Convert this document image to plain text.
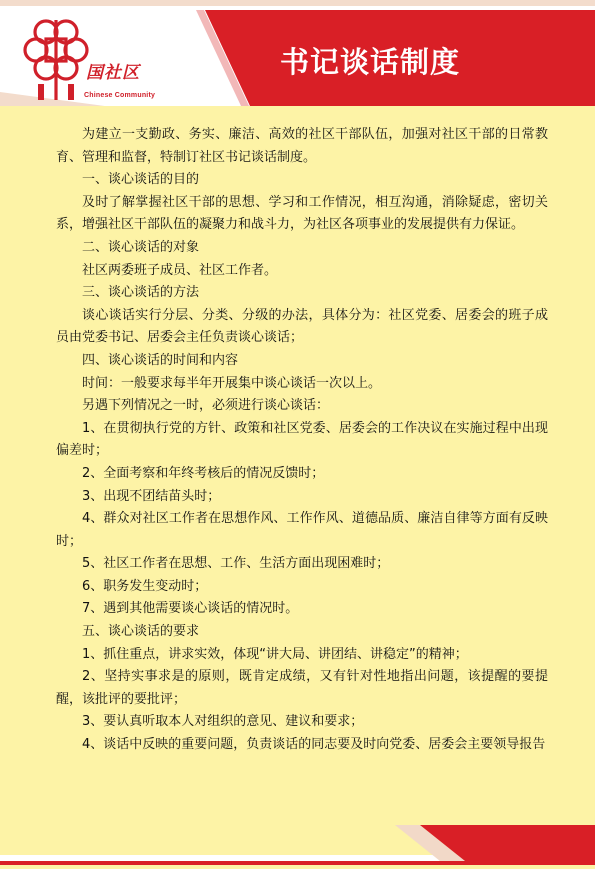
国社区
Chinese Community
书记谈话制度

为建立一支勤政、务实、廉洁、高效的社区干部队伍，加强对社区干部的日常教育、管理和监督，特制订社区书记谈话制度。

一、谈心谈话的目的

及时了解掌握社区干部的思想、学习和工作情况，相互沟通，消除疑虑，密切关系，增强社区干部队伍的凝聚力和战斗力，为社区各项事业的发展提供有力保证。

二、谈心谈话的对象

社区两委班子成员、社区工作者。

三、谈心谈话的方法

谈心谈话实行分层、分类、分级的办法，具体分为：社区党委、居委会的班子成员由党委书记、居委会主任负责谈心谈话；

四、谈心谈话的时间和内容

时间：一般要求每半年开展集中谈心谈话一次以上。

另遇下列情况之一时，必须进行谈心谈话：

1、在贯彻执行党的方针、政策和社区党委、居委会的工作决议在实施过程中出现偏差时；

2、全面考察和年终考核后的情况反馈时；

3、出现不团结苗头时；

4、群众对社区工作者在思想作风、工作作风、道德品质、廉洁自律等方面有反映时；

5、社区工作者在思想、工作、生活方面出现困难时；

6、职务发生变动时；

7、遇到其他需要谈心谈话的情况时。

五、谈心谈话的要求

1、抓住重点，讲求实效，体现“讲大局、讲团结、讲稳定”的精神；

2、坚持实事求是的原则，既肯定成绩，又有针对性地指出问题，该提醒的要提醒，该批评的要批评；

3、要认真听取本人对组织的意见、建议和要求；

4、谈话中反映的重要问题，负责谈话的同志要及时向党委、居委会主要领导报告
